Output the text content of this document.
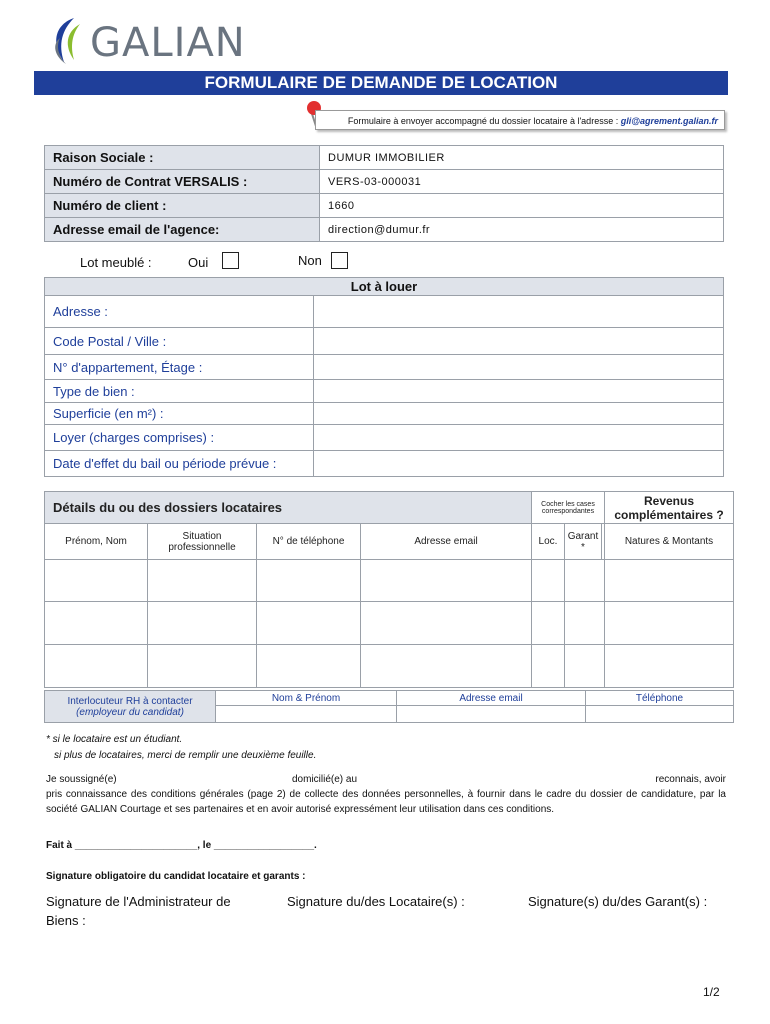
GALIAN
FORMULAIRE DE DEMANDE DE LOCATION
Formulaire à envoyer accompagné du dossier locataire à l'adresse : gli@agrement.galian.fr
Raison Sociale :	DUMUR IMMOBILIER
Numéro de Contrat VERSALIS :	VERS-03-000031
Numéro de client :	1660
Adresse email de l'agence:	direction@dumur.fr
Lot meublé :	Oui	Non
Lot à louer	
Adresse :	
Code Postal / Ville :	
N° d'appartement, Étage :	
Type de bien :	
Superficie (en m²) :	
Loyer (charges comprises) :	
Date d'effet du bail ou période prévue :	
Détails du ou des dossiers locataires				Cocher les cases correspondantes			Revenus complémentaires ?
Prénom, Nom	Situation professionnelle	N° de téléphone	Adresse email	Loc.	Garant *		Natures & Montants

Interlocuteur RH à contacter
(employeur du candidat)	Nom & Prénom	Adresse email	Téléphone

* si le locataire est un étudiant.
si plus de locataires, merci de remplir une deuxième feuille.
Je soussigné(e)	domicilié(e) au	reconnais, avoir
pris connaissance des conditions générales (page 2) de collecte des données personnelles, à fournir dans le cadre du dossier de candidature, par la société GALIAN Courtage et ses partenaires et en avoir autorisé expressément leur utilisation dans ces conditions.
Fait à ______________________, le __________________.
Signature obligatoire du candidat locataire et garants :
Signature de l'Administrateur de Biens :
Signature du/des Locataire(s) :	Signature(s) du/des Garant(s) :
1/2
